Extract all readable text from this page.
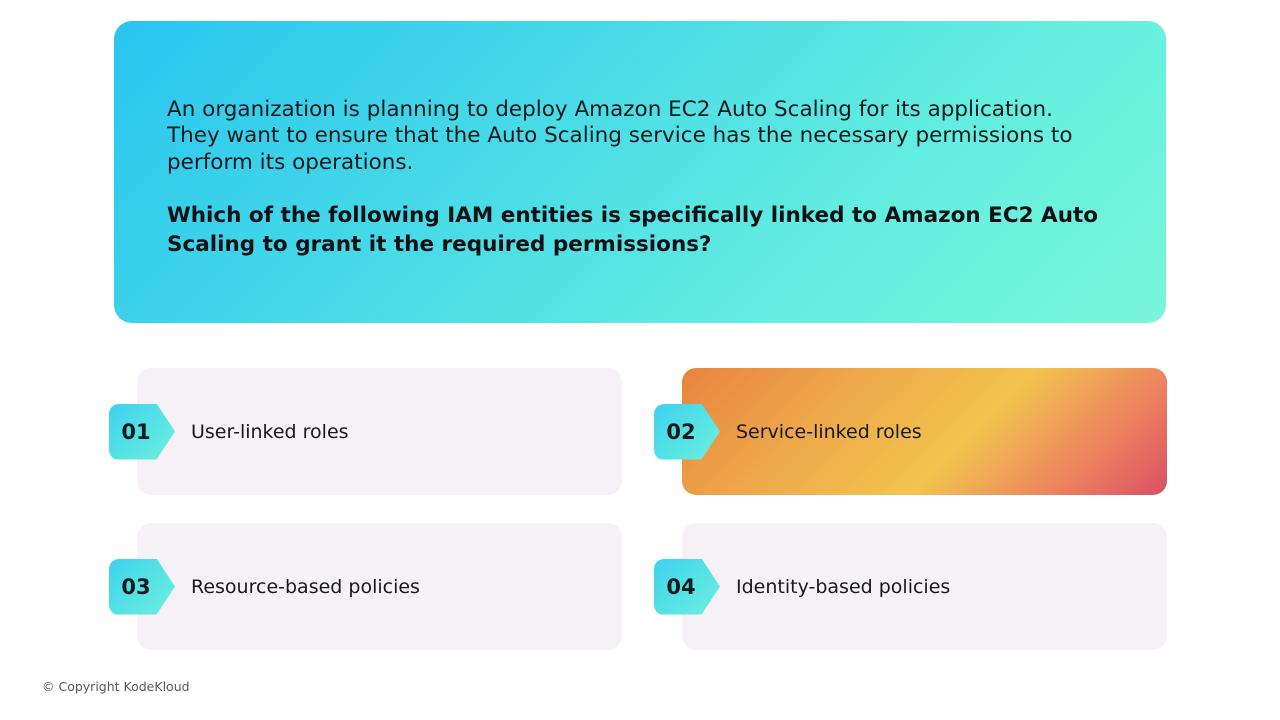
An organization is planning to deploy Amazon EC2 Auto Scaling for its application. They want to ensure that the Auto Scaling service has the necessary permissions to perform its operations.

Which of the following IAM entities is specifically linked to Amazon EC2 Auto Scaling to grant it the required permissions?

01	User-linked roles	02	Service-linked roles
03	Resource-based policies	04	Identity-based policies
© Copyright KodeKloud
